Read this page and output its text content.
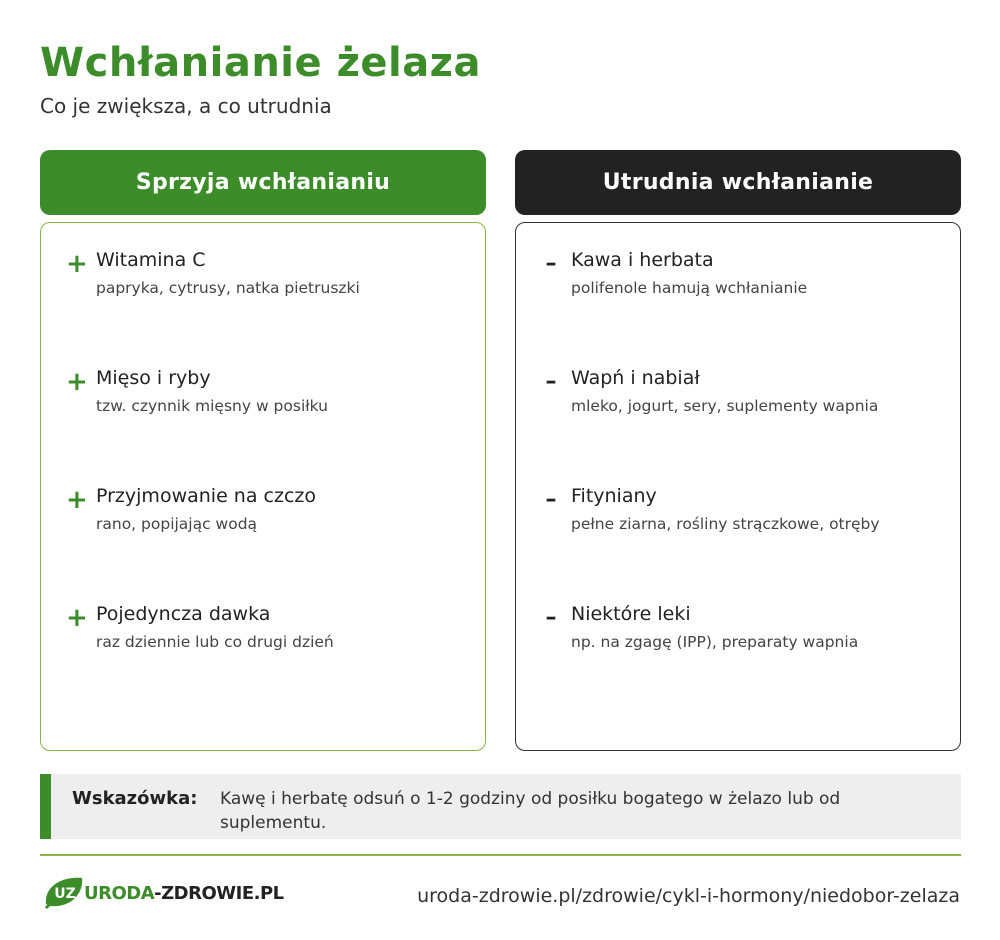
Wchłanianie żelaza
Co je zwiększa, a co utrudnia
Sprzyja wchłanianiu	Utrudnia wchłanianie
+ Witamina C
papryka, cytrusy, natka pietruszki
+ Mięso i ryby
tzw. czynnik mięsny w posiłku
+ Przyjmowanie na czczo
rano, popijając wodą
+ Pojedyncza dawka
raz dziennie lub co drugi dzień
– Kawa i herbata
polifenole hamują wchłanianie
– Wapń i nabiał
mleko, jogurt, sery, suplementy wapnia
– Fityniany
pełne ziarna, rośliny strączkowe, otręby
– Niektóre leki
np. na zgagę (IPP), preparaty wapnia
Wskazówka: Kawę i herbatę odsuń o 1-2 godziny od posiłku bogatego w żelazo lub od suplementu.
UZ URODA-ZDROWIE.PL	uroda-zdrowie.pl/zdrowie/cykl-i-hormony/niedobor-zelaza
